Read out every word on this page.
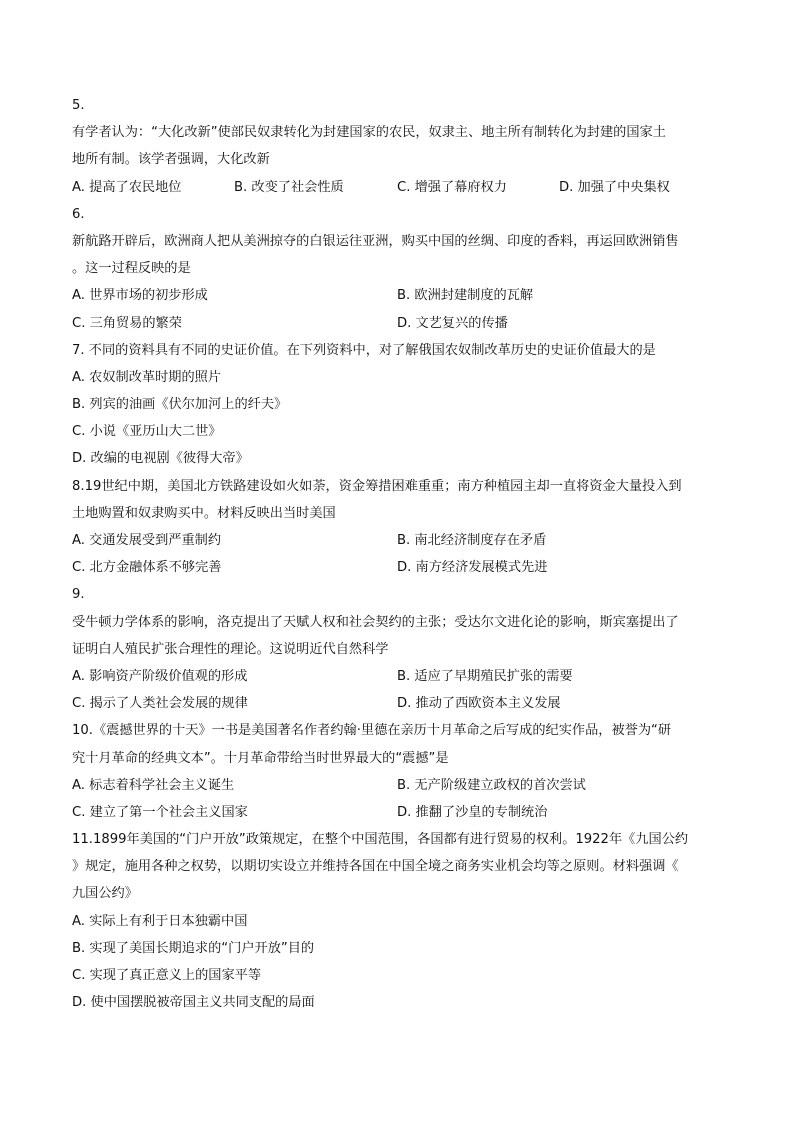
5.
有学者认为：“大化改新”使部民奴隶转化为封建国家的农民，奴隶主、地主所有制转化为封建的国家土
地所有制。该学者强调，大化改新
A. 提高了农民地位	B. 改变了社会性质	C. 增强了幕府权力	D. 加强了中央集权
6.
新航路开辟后，欧洲商人把从美洲掠夺的白银运往亚洲，购买中国的丝绸、印度的香料，再运回欧洲销售
。这一过程反映的是
A. 世界市场的初步形成	B. 欧洲封建制度的瓦解
C. 三角贸易的繁荣	D. 文艺复兴的传播
7. 不同的资料具有不同的史证价值。在下列资料中，对了解俄国农奴制改革历史的史证价值最大的是
A. 农奴制改革时期的照片
B. 列宾的油画《伏尔加河上的纤夫》
C. 小说《亚历山大二世》
D. 改编的电视剧《彼得大帝》
8.19世纪中期，美国北方铁路建设如火如荼，资金筹措困难重重；南方种植园主却一直将资金大量投入到
土地购置和奴隶购买中。材料反映出当时美国
A. 交通发展受到严重制约	B. 南北经济制度存在矛盾
C. 北方金融体系不够完善	D. 南方经济发展模式先进
9.
受牛顿力学体系的影响，洛克提出了天赋人权和社会契约的主张；受达尔文进化论的影响，斯宾塞提出了
证明白人殖民扩张合理性的理论。这说明近代自然科学
A. 影响资产阶级价值观的形成	B. 适应了早期殖民扩张的需要
C. 揭示了人类社会发展的规律	D. 推动了西欧资本主义发展
10.《震撼世界的十天》一书是美国著名作者约翰·里德在亲历十月革命之后写成的纪实作品，被誉为“研
究十月革命的经典文本”。十月革命带给当时世界最大的“震撼”是
A. 标志着科学社会主义诞生	B. 无产阶级建立政权的首次尝试
C. 建立了第一个社会主义国家	D. 推翻了沙皇的专制统治
11.1899年美国的“门户开放”政策规定，在整个中国范围，各国都有进行贸易的权利。1922年《九国公约
》规定，施用各种之权势，以期切实设立并维持各国在中国全境之商务实业机会均等之原则。材料强调《
九国公约》
A. 实际上有利于日本独霸中国
B. 实现了美国长期追求的“门户开放”目的
C. 实现了真正意义上的国家平等
D. 使中国摆脱被帝国主义共同支配的局面
